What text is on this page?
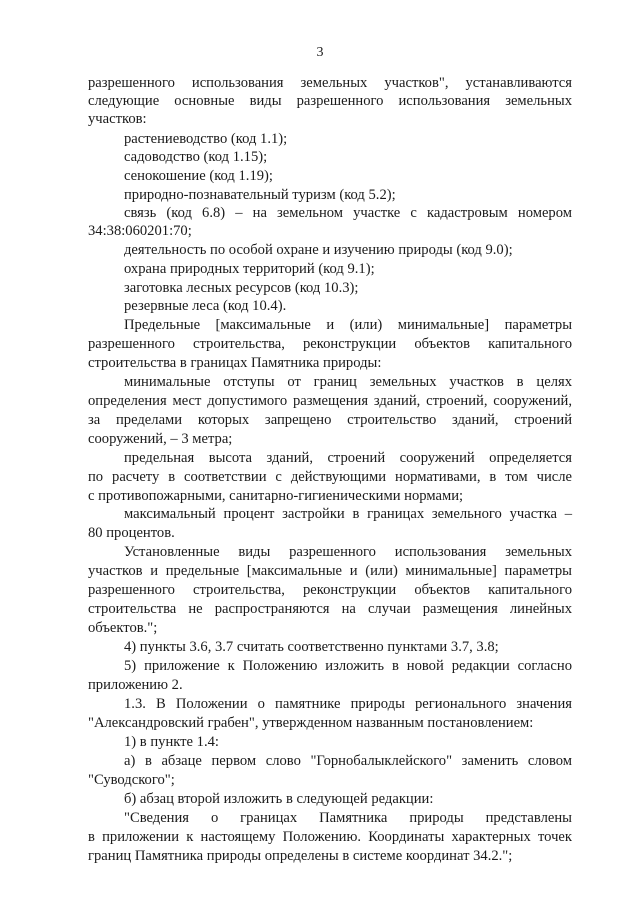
3
разрешенного использования земельных участков", устанавливаются
следующие основные виды разрешенного использования земельных
участков:
растениеводство (код 1.1);
садоводство (код 1.15);
сенокошение (код 1.19);
природно-познавательный туризм (код 5.2);
связь (код 6.8) – на земельном участке с кадастровым номером
34:38:060201:70;
деятельность по особой охране и изучению природы (код 9.0);
охрана природных территорий (код 9.1);
заготовка лесных ресурсов (код 10.3);
резервные леса (код 10.4).
Предельные [максимальные и (или) минимальные] параметры
разрешенного строительства, реконструкции объектов капитального
строительства в границах Памятника природы:
минимальные отступы от границ земельных участков в целях
определения мест допустимого размещения зданий, строений, сооружений,
за пределами которых запрещено строительство зданий, строений
сооружений, – 3 метра;
предельная высота зданий, строений сооружений определяется
по расчету в соответствии с действующими нормативами, в том числе
с противопожарными, санитарно-гигиеническими нормами;
максимальный процент застройки в границах земельного участка –
80 процентов.
Установленные виды разрешенного использования земельных
участков и предельные [максимальные и (или) минимальные] параметры
разрешенного строительства, реконструкции объектов капитального
строительства не распространяются на случаи размещения линейных
объектов.";
4) пункты 3.6, 3.7 считать соответственно пунктами 3.7, 3.8;
5) приложение к Положению изложить в новой редакции согласно
приложению 2.
1.3. В Положении о памятнике природы регионального значения
"Александровский грабен", утвержденном названным постановлением:
1) в пункте 1.4:
а) в абзаце первом слово "Горнобалыклейского" заменить словом
"Суводского";
б) абзац второй изложить в следующей редакции:
"Сведения о границах Памятника природы представлены
в приложении к настоящему Положению. Координаты характерных точек
границ Памятника природы определены в системе координат 34.2.";
